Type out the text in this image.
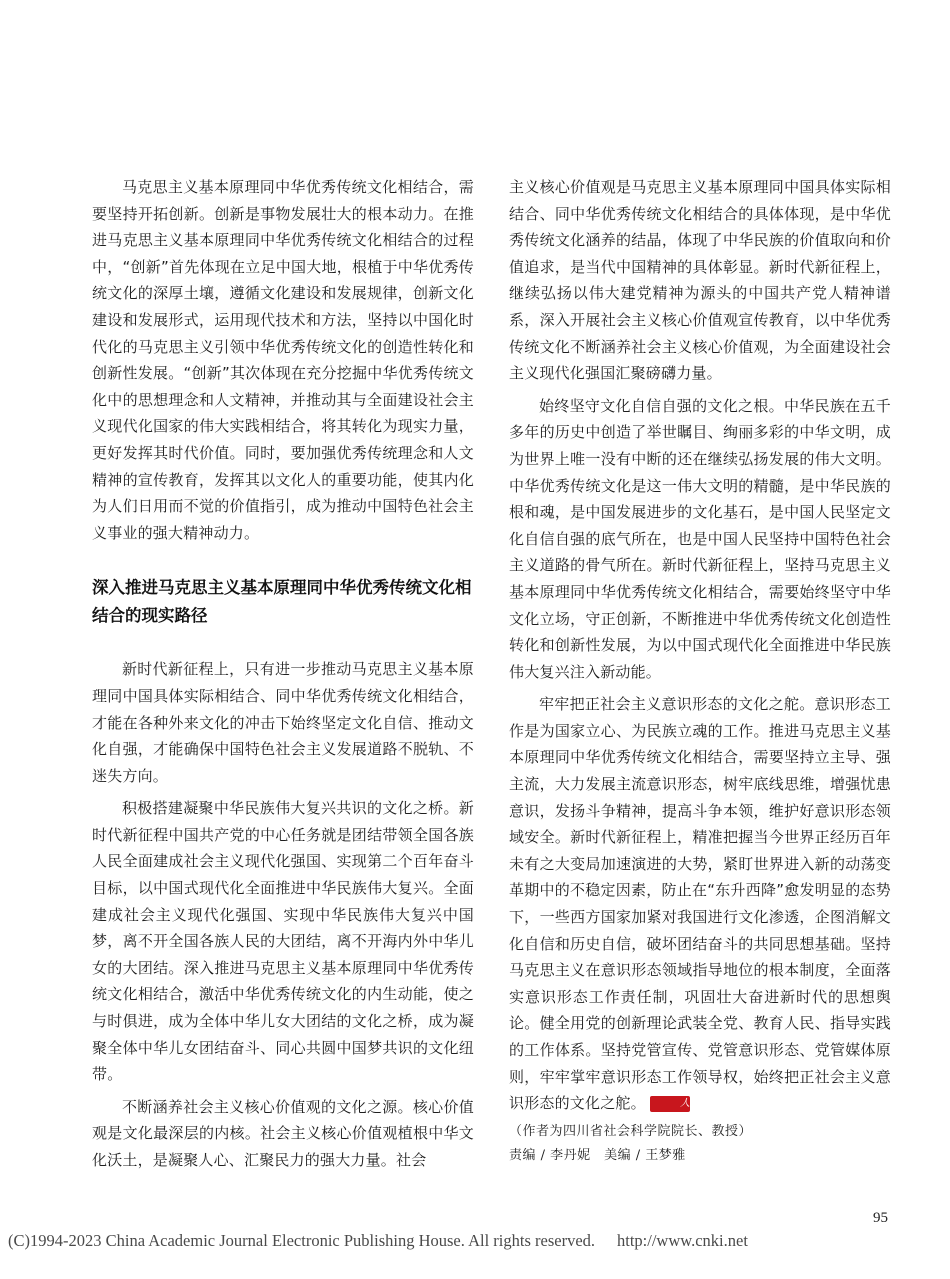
马克思主义基本原理同中华优秀传统文化相结合，需要坚持开拓创新。创新是事物发展壮大的根本动力。在推进马克思主义基本原理同中华优秀传统文化相结合的过程中，“创新”首先体现在立足中国大地，根植于中华优秀传统文化的深厚土壤，遵循文化建设和发展规律，创新文化建设和发展形式，运用现代技术和方法，坚持以中国化时代化的马克思主义引领中华优秀传统文化的创造性转化和创新性发展。“创新”其次体现在充分挖掘中华优秀传统文化中的思想理念和人文精神，并推动其与全面建设社会主义现代化国家的伟大实践相结合，将其转化为现实力量，更好发挥其时代价值。同时，要加强优秀传统理念和人文精神的宣传教育，发挥其以文化人的重要功能，使其内化为人们日用而不觉的价值指引，成为推动中国特色社会主义事业的强大精神动力。

深入推进马克思主义基本原理同中华优秀传统文化相结合的现实路径

新时代新征程上，只有进一步推动马克思主义基本原理同中国具体实际相结合、同中华优秀传统文化相结合，才能在各种外来文化的冲击下始终坚定文化自信、推动文化自强，才能确保中国特色社会主义发展道路不脱轨、不迷失方向。

积极搭建凝聚中华民族伟大复兴共识的文化之桥。新时代新征程中国共产党的中心任务就是团结带领全国各族人民全面建成社会主义现代化强国、实现第二个百年奋斗目标，以中国式现代化全面推进中华民族伟大复兴。全面建成社会主义现代化强国、实现中华民族伟大复兴中国梦，离不开全国各族人民的大团结，离不开海内外中华儿女的大团结。深入推进马克思主义基本原理同中华优秀传统文化相结合，激活中华优秀传统文化的内生动能，使之与时俱进，成为全体中华儿女大团结的文化之桥，成为凝聚全体中华儿女团结奋斗、同心共圆中国梦共识的文化纽带。

不断涵养社会主义核心价值观的文化之源。核心价值观是文化最深层的内核。社会主义核心价值观植根中华文化沃土，是凝聚人心、汇聚民力的强大力量。社会

主义核心价值观是马克思主义基本原理同中国具体实际相结合、同中华优秀传统文化相结合的具体体现，是中华优秀传统文化涵养的结晶，体现了中华民族的价值取向和价值追求，是当代中国精神的具体彰显。新时代新征程上，继续弘扬以伟大建党精神为源头的中国共产党人精神谱系，深入开展社会主义核心价值观宣传教育，以中华优秀传统文化不断涵养社会主义核心价值观，为全面建设社会主义现代化强国汇聚磅礴力量。

始终坚守文化自信自强的文化之根。中华民族在五千多年的历史中创造了举世瞩目、绚丽多彩的中华文明，成为世界上唯一没有中断的还在继续弘扬发展的伟大文明。中华优秀传统文化是这一伟大文明的精髓，是中华民族的根和魂，是中国发展进步的文化基石，是中国人民坚定文化自信自强的底气所在，也是中国人民坚持中国特色社会主义道路的骨气所在。新时代新征程上，坚持马克思主义基本原理同中华优秀传统文化相结合，需要始终坚守中华文化立场，守正创新，不断推进中华优秀传统文化创造性转化和创新性发展，为以中国式现代化全面推进中华民族伟大复兴注入新动能。

牢牢把正社会主义意识形态的文化之舵。意识形态工作是为国家立心、为民族立魂的工作。推进马克思主义基本原理同中华优秀传统文化相结合，需要坚持立主导、强主流，大力发展主流意识形态，树牢底线思维，增强忧患意识，发扬斗争精神，提高斗争本领，维护好意识形态领域安全。新时代新征程上，精准把握当今世界正经历百年未有之大变局加速演进的大势，紧盯世界进入新的动荡变革期中的不稳定因素，防止在“东升西降”愈发明显的态势下，一些西方国家加紧对我国进行文化渗透，企图消解文化自信和历史自信，破坏团结奋斗的共同思想基础。坚持马克思主义在意识形态领域指导地位的根本制度，全面落实意识形态工作责任制，巩固壮大奋进新时代的思想舆论。健全用党的创新理论武装全党、教育人民、指导实践的工作体系。坚持党管宣传、党管意识形态、党管媒体原则，牢牢掌牢意识形态工作领导权，始终把正社会主义意识形态的文化之舵。	人民论坛

（作者为四川省社会科学院院长、教授）

责编 / 李丹妮　美编 / 王梦雅

95
(C)1994-2023 China Academic Journal Electronic Publishing House. All rights reserved. http://www.cnki.net
